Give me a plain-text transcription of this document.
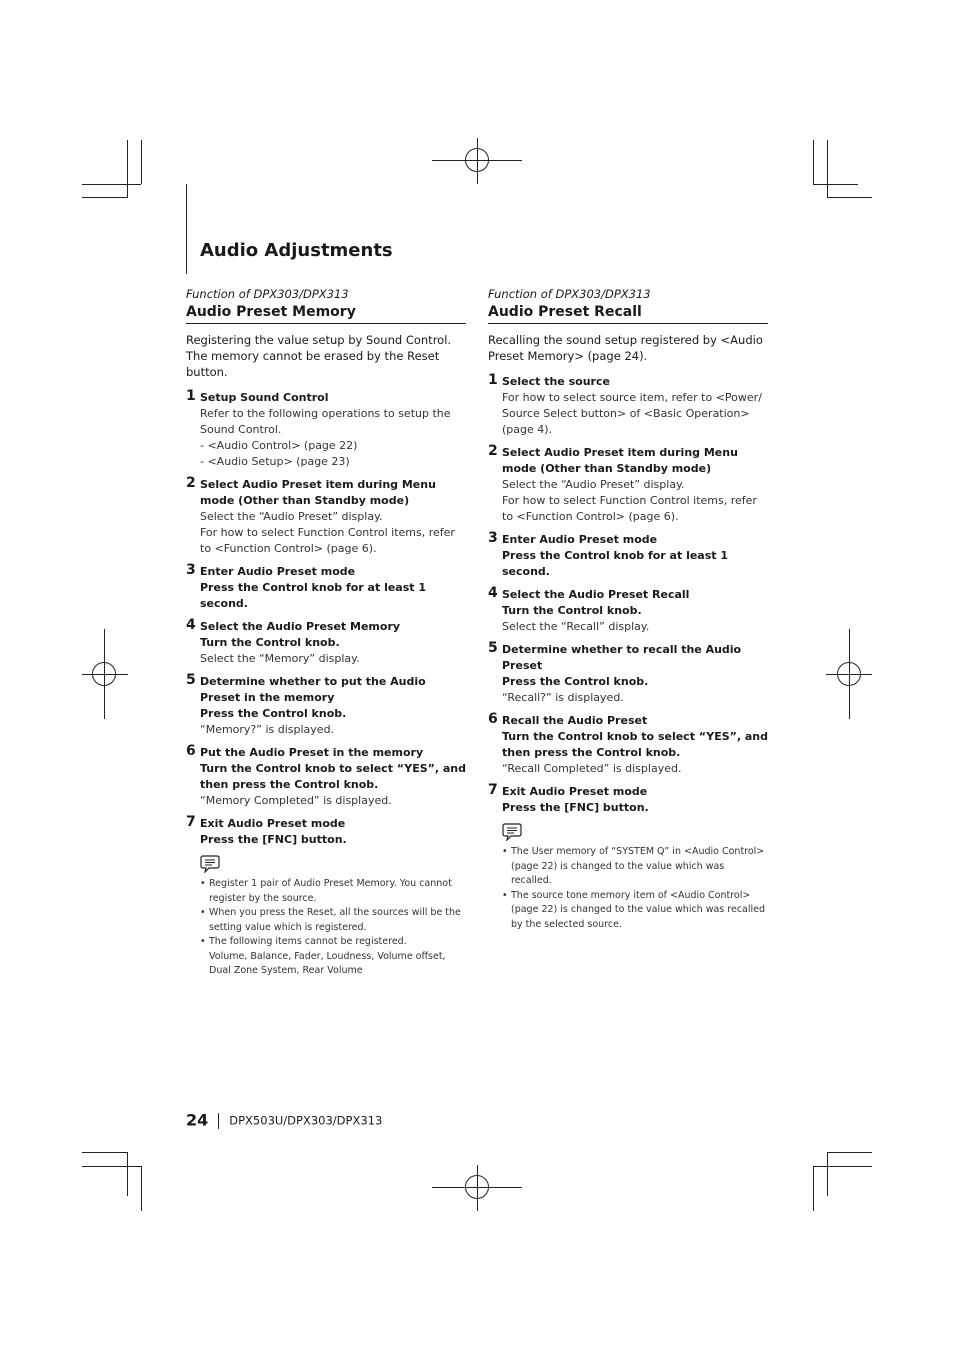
Audio Adjustments

Function of DPX303/DPX313

Audio Preset Memory

Registering the value setup by Sound Control. The memory cannot be erased by the Reset button.

1 Setup Sound Control
Refer to the following operations to setup the Sound Control.
- <Audio Control> (page 22)
- <Audio Setup> (page 23)
2 Select Audio Preset item during Menu mode (Other than Standby mode)
Select the “Audio Preset” display.
For how to select Function Control items, refer to <Function Control> (page 6).
3 Enter Audio Preset mode
Press the Control knob for at least 1 second.
4 Select the Audio Preset Memory
Turn the Control knob.
Select the “Memory” display.
5 Determine whether to put the Audio Preset in the memory
Press the Control knob.
“Memory?” is displayed.
6 Put the Audio Preset in the memory
Turn the Control knob to select “YES”, and then press the Control knob.
“Memory Completed” is displayed.
7 Exit Audio Preset mode
Press the [FNC] button.
• Register 1 pair of Audio Preset Memory. You cannot register by the source.
• When you press the Reset, all the sources will be the setting value which is registered.
• The following items cannot be registered.
Volume, Balance, Fader, Loudness, Volume offset, Dual Zone System, Rear Volume

Function of DPX303/DPX313

Audio Preset Recall

Recalling the sound setup registered by <Audio Preset Memory> (page 24).

1 Select the source
For how to select source item, refer to <Power/ Source Select button> of <Basic Operation> (page 4).
2 Select Audio Preset item during Menu mode (Other than Standby mode)
Select the “Audio Preset” display.
For how to select Function Control items, refer to <Function Control> (page 6).
3 Enter Audio Preset mode
Press the Control knob for at least 1 second.
4 Select the Audio Preset Recall
Turn the Control knob.
Select the “Recall” display.
5 Determine whether to recall the Audio Preset
Press the Control knob.
“Recall?” is displayed.
6 Recall the Audio Preset
Turn the Control knob to select “YES”, and then press the Control knob.
“Recall Completed” is displayed.
7 Exit Audio Preset mode
Press the [FNC] button.
• The User memory of “SYSTEM Q” in <Audio Control> (page 22) is changed to the value which was recalled.
• The source tone memory item of <Audio Control> (page 22) is changed to the value which was recalled by the selected source.
24 DPX503U/DPX303/DPX313
